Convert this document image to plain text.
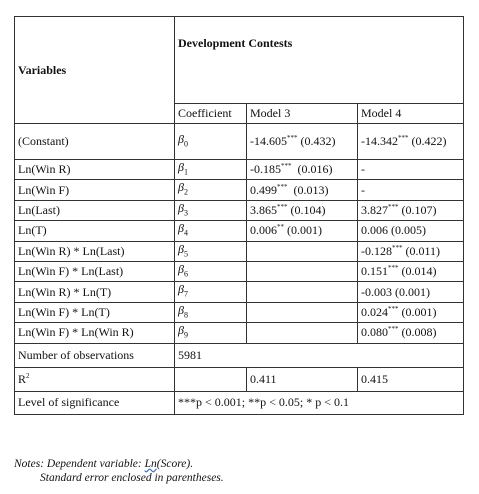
Variables	Development Contests		
	Coefficient	Model 3	Model 4
(Constant)	$\beta_0$	-14.605*** (0.432)	-14.342*** (0.422)
Ln(Win R)	$\beta_1$	-0.185***  (0.016)	-
Ln(Win F)	$\beta_2$	0.499***  (0.013)	-
Ln(Last)	$\beta_3$	3.865*** (0.104)	3.827*** (0.107)
Ln(T)	$\beta_4$	0.006** (0.001)	0.006 (0.005)
Ln(Win R) * Ln(Last)	$\beta_5$		-0.128*** (0.011)
Ln(Win F) * Ln(Last)	$\beta_6$		0.151*** (0.014)
Ln(Win R) * Ln(T)	$\beta_7$		-0.003 (0.001)
Ln(Win F) * Ln(T)	$\beta_8$		0.024*** (0.001)
Ln(Win F) * Ln(Win R)	$\beta_9$		0.080*** (0.008)
Number of observations	5981		
$R^2$		0.411	0.415
Level of significance	***p < 0.001; **p < 0.05; * p < 0.1		
Notes: Dependent variable: Ln(Score).
Standard error enclosed in parentheses.
